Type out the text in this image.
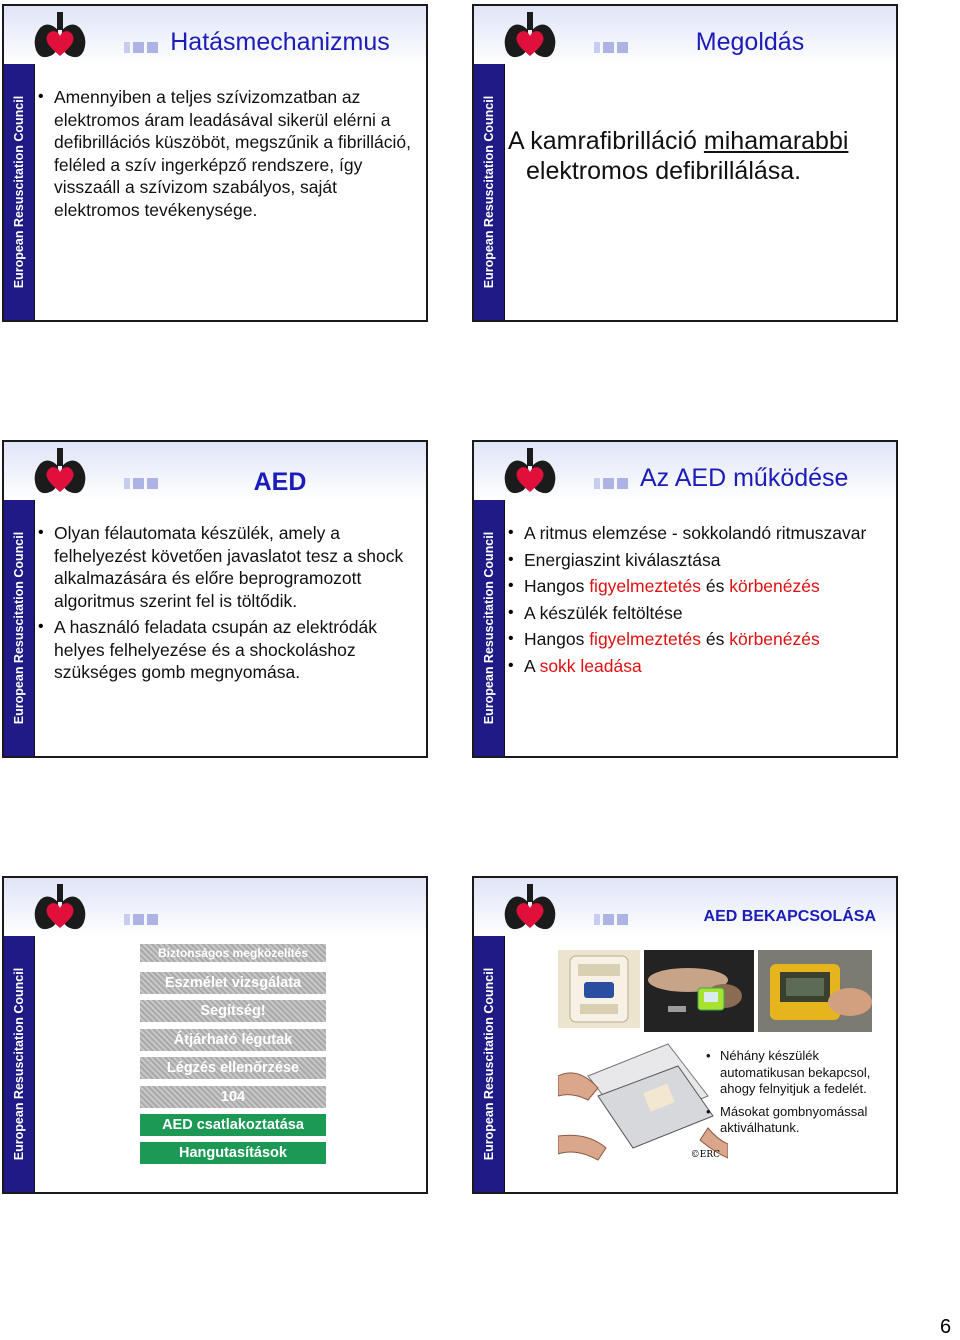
Hatásmechanizmus
European Resuscitation Council	• Amennyiben a teljes szívizomzatban az elektromos áram leadásával sikerül elérni a defibrillációs küszöböt, megszűnik a fibrilláció, feléled a szív ingerképző rendszere, így visszaáll a szívizom szabályos, saját elektromos tevékenysége.
Megoldás
European Resuscitation Council A kamrafibrilláció mihamarabbi
elektromos defibrillálása.
AED
European Resuscitation Council	• Olyan félautomata készülék, amely a felhelyezést követően javaslatot tesz a shock alkalmazására és előre beprogramozott algoritmus szerint fel is töltődik.
• A használó feladata csupán az elektródák helyes felhelyezése és a shockoláshoz szükséges gomb megnyomása.
Az AED működése
European Resuscitation Council	• A ritmus elemzése - sokkolandó ritmuszavar
• Energiaszint kiválasztása
• Hangos figyelmeztetés és körbenézés
• A készülék feltöltése
• Hangos figyelmeztetés és körbenézés
• A sokk leadása
European Resuscitation Council
Biztonságos megközelítés
Eszmélet vizsgálata
Segítség!
Átjárható légutak
Légzés ellenőrzése
104
AED csatlakoztatása
Hangutasítások
AED BEKAPCSOLÁSA
European Resuscitation Council	©ERC
• Néhány készülék automatikusan bekapcsol, ahogy felnyitjuk a fedelét.
• Másokat gombnyomással aktiválhatunk.
6
